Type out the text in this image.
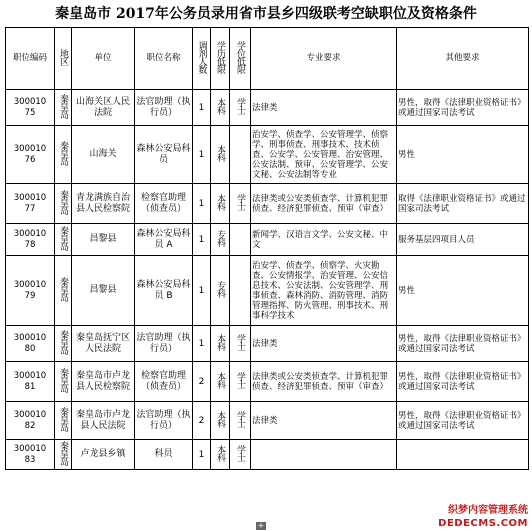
秦皇岛市 2017年公务员录用省市县乡四级联考空缺职位及资格条件
职位编码	地区	单位	职位名称	调剂人数	学历低限	学位低限	专业要求	其他要求

300010
75	秦皇岛	山海关区人民法院	法官助理（执行员）	1	本科	学士	法律类	男性，取得《法律职业资格证书》或通过国家司法考试

300010
76	秦皇岛	山海关	森林公安局科员	1	本科		治安学、侦查学、公安管理学、侦察学、刑事侦查、刑事技术、技术侦查、公安学、公安管理、治安管理、公安法制、预审、公安管理学、公安文秘、公安法制等专业	男性

300010
77	秦皇岛	青龙满族自治县人民检察院	检察官助理（侦查员）	1	本科	学士	法律类或公安类侦查学、计算机犯罪侦查、经济犯罪侦查、预审（审查）	取得《法律职业资格证书》或通过国家司法考试

300010
78	秦皇岛	昌黎县	森林公安局科员 A	1	专科		新闻学、汉语言文学、公安文秘、中文	服务基层四项目人员

300010
79	秦皇岛	昌黎县	森林公安局科员 B	1	专科		治安学、侦查学、侦察学、火灾勘查、公安情报学、治安管理、公安信息技术、公安法制、公安管理学、刑事侦查、森林消防、消防管理、消防管理指挥、防火管理、刑事技术、刑事科学技术	男性

300010
80	秦皇岛	秦皇岛抚宁区人民法院	法官助理（执行员）	1	本科	学士	法律类	男性，取得《法律职业资格证书》或通过国家司法考试

300010
81	秦皇岛	秦皇岛市卢龙县人民检察院	检察官助理（侦查员）	2	本科	学士	法律类或公安类侦查学、计算机犯罪侦查、经济犯罪侦查、预审（审查）	男性，取得《法律职业资格证书》或通过国家司法考试

300010
82	秦皇岛	秦皇岛市卢龙县人民法院	法官助理（执行员）	2	本科	学士	法律类	男性，取得《法律职业资格证书》或通过国家司法考试

300010
83	秦皇岛	卢龙县乡镇	科员	1	本科	学士		
+
织梦内容管理系统
DEDECMS.COM
